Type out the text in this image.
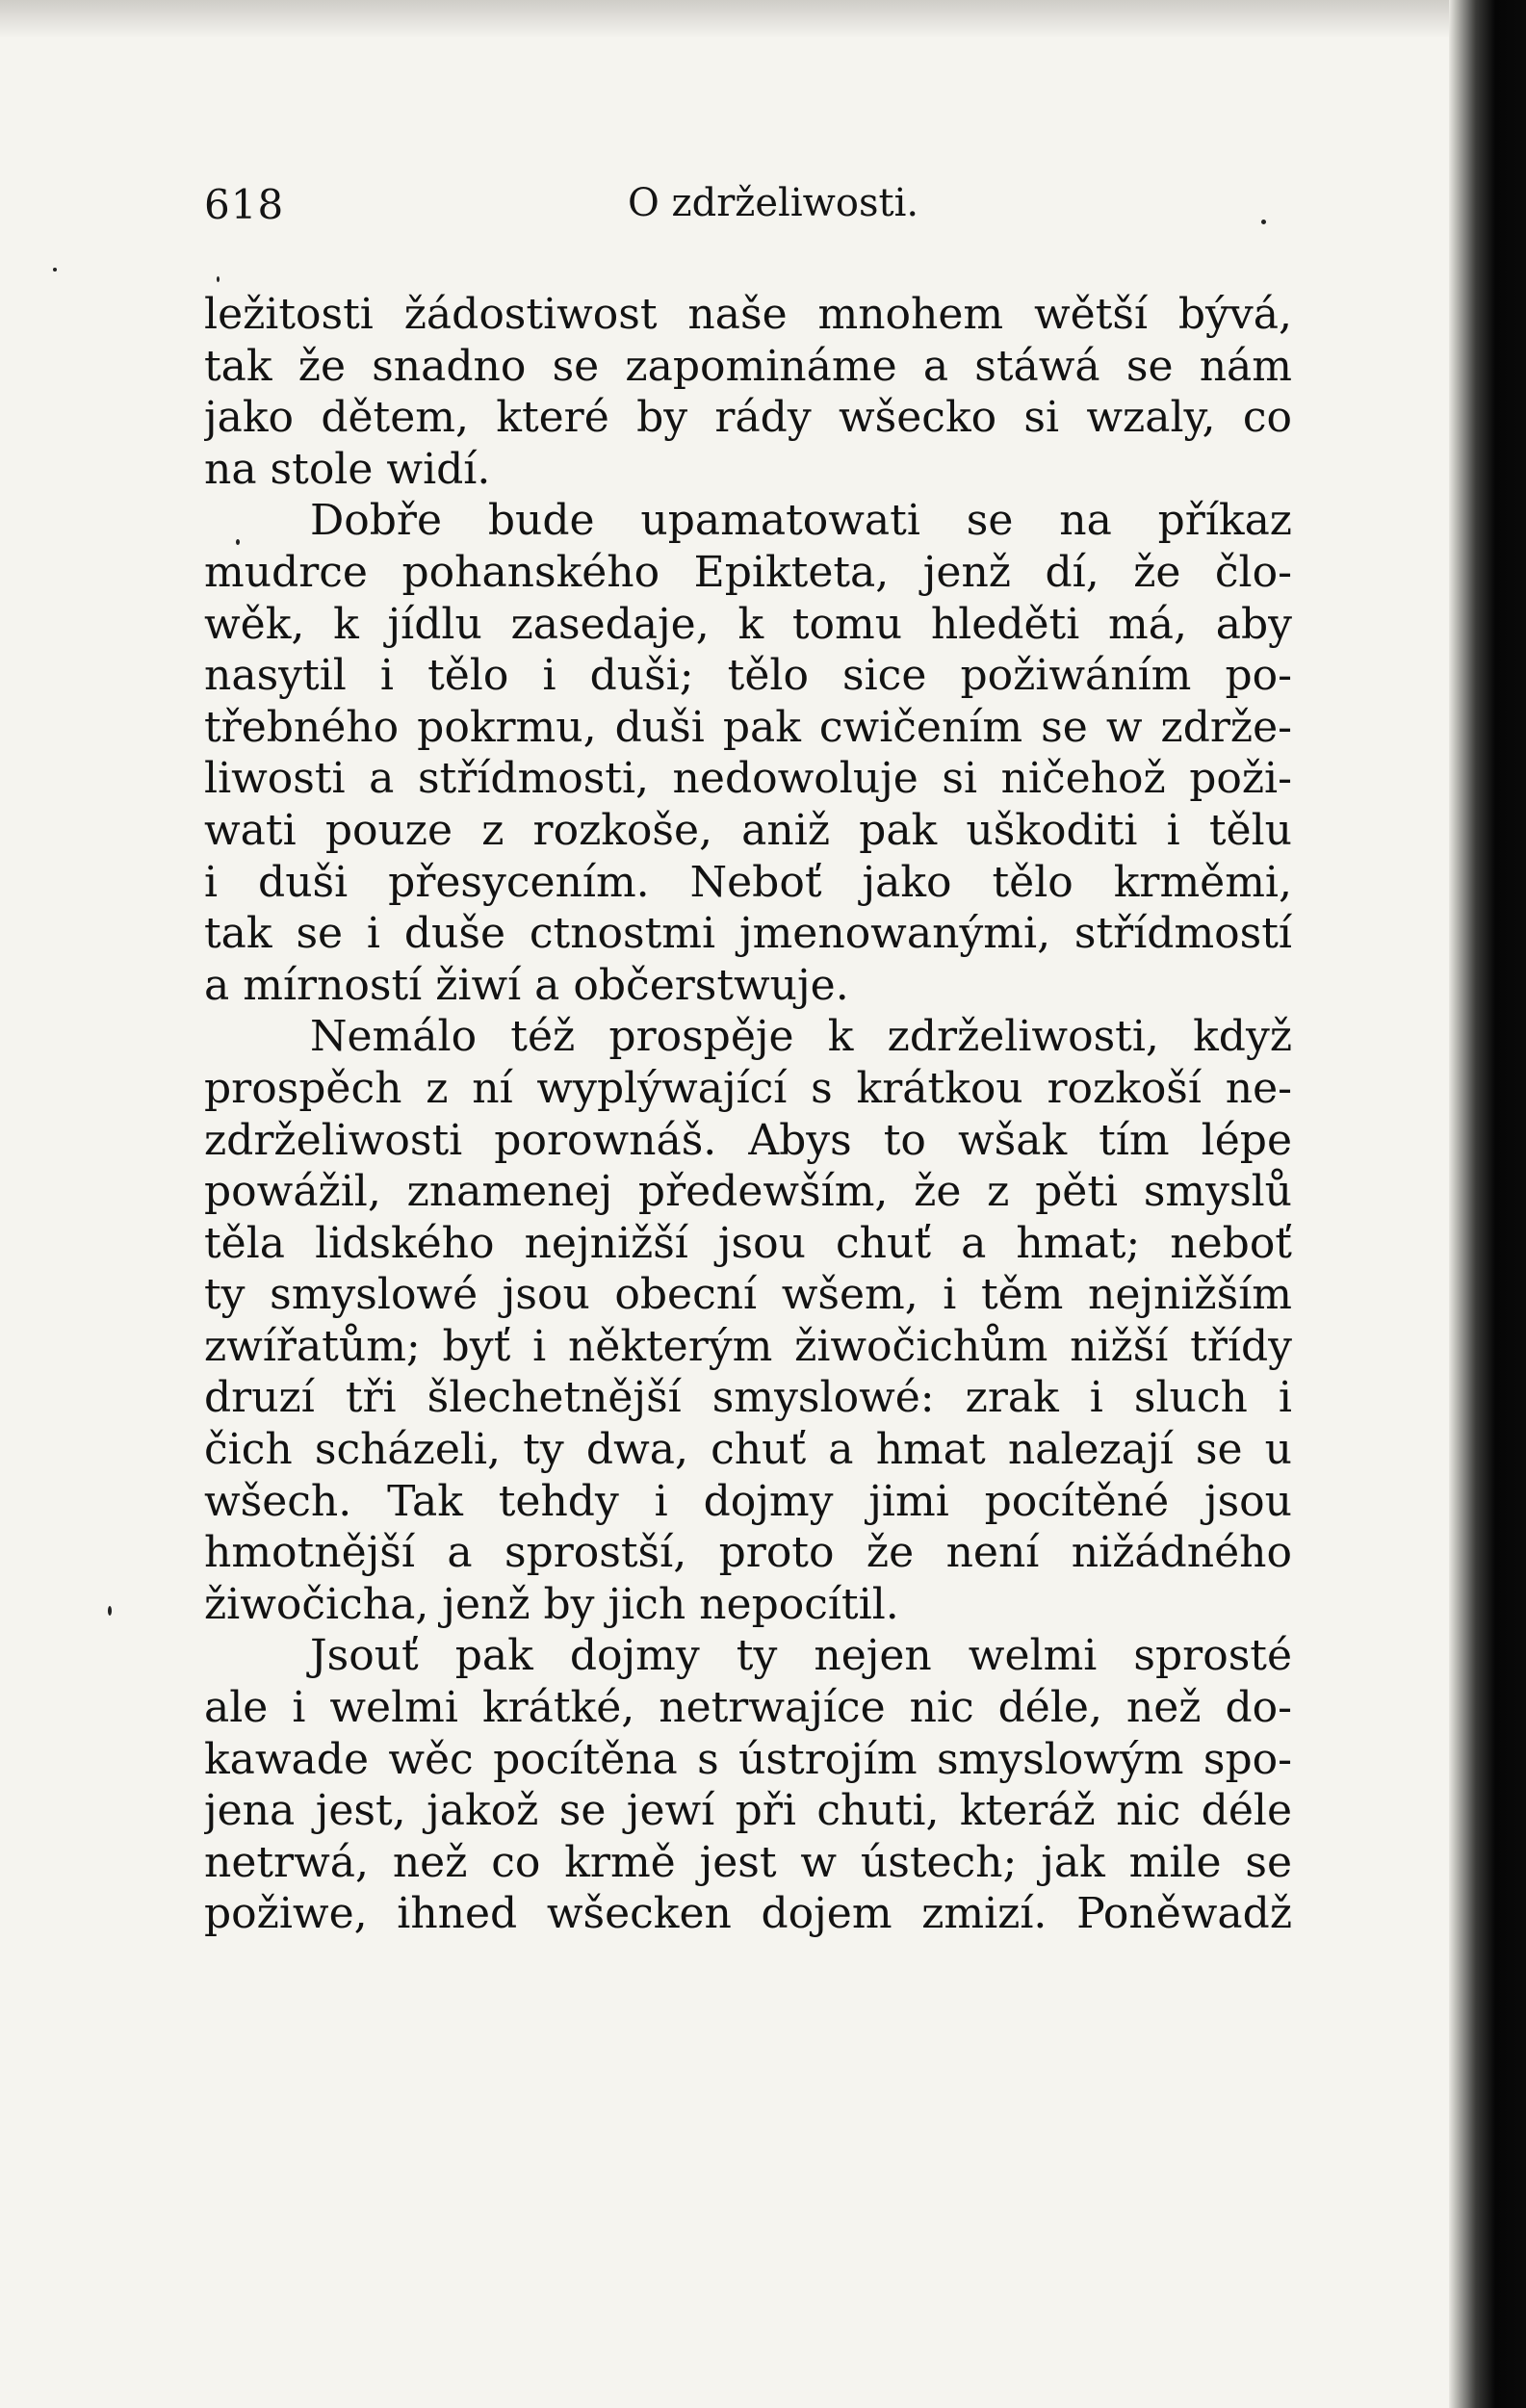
618	O zdrželiwosti.
ležitosti žádostiwost naše mnohem wětší bývá,
tak že snadno se zapomináme a stáwá se nám
jako dětem, které by rády wšecko si wzaly, co
na stole widí.
Dobře bude upamatowati se na příkaz
mudrce pohanského Epikteta, jenž dí, že člo-
wěk, k jídlu zasedaje, k tomu hleděti má, aby
nasytil i tělo i duši; tělo sice požiwáním po-
třebného pokrmu, duši pak cwičením se w zdrže-
liwosti a střídmosti, nedowoluje si ničehož poži-
wati pouze z rozkoše, aniž pak uškoditi i tělu
i duši přesycením. Neboť jako tělo krměmi,
tak se i duše ctnostmi jmenowanými, střídmostí
a mírností žiwí a občerstwuje.
Nemálo též prospěje k zdrželiwosti, když
prospěch z ní wyplýwající s krátkou rozkoší ne-
zdrželiwosti porownáš. Abys to wšak tím lépe
powážil, znamenej předewším, že z pěti smyslů
těla lidského nejnižší jsou chuť a hmat; neboť
ty smyslowé jsou obecní wšem, i těm nejnižším
zwířatům; byť i některým žiwočichům nižší třídy
druzí tři šlechetnější smyslowé: zrak i sluch i
čich scházeli, ty dwa, chuť a hmat nalezají se u
wšech. Tak tehdy i dojmy jimi pocítěné jsou
hmotnější a sprostší, proto že není nižádného
žiwočicha, jenž by jich nepocítil.
Jsouť pak dojmy ty nejen welmi sprosté
ale i welmi krátké, netrwajíce nic déle, než do-
kawade wěc pocítěna s ústrojím smyslowým spo-
jena jest, jakož se jewí při chuti, kteráž nic déle
netrwá, než co krmě jest w ústech; jak mile se
požiwe, ihned wšecken dojem zmizí. Poněwadž
